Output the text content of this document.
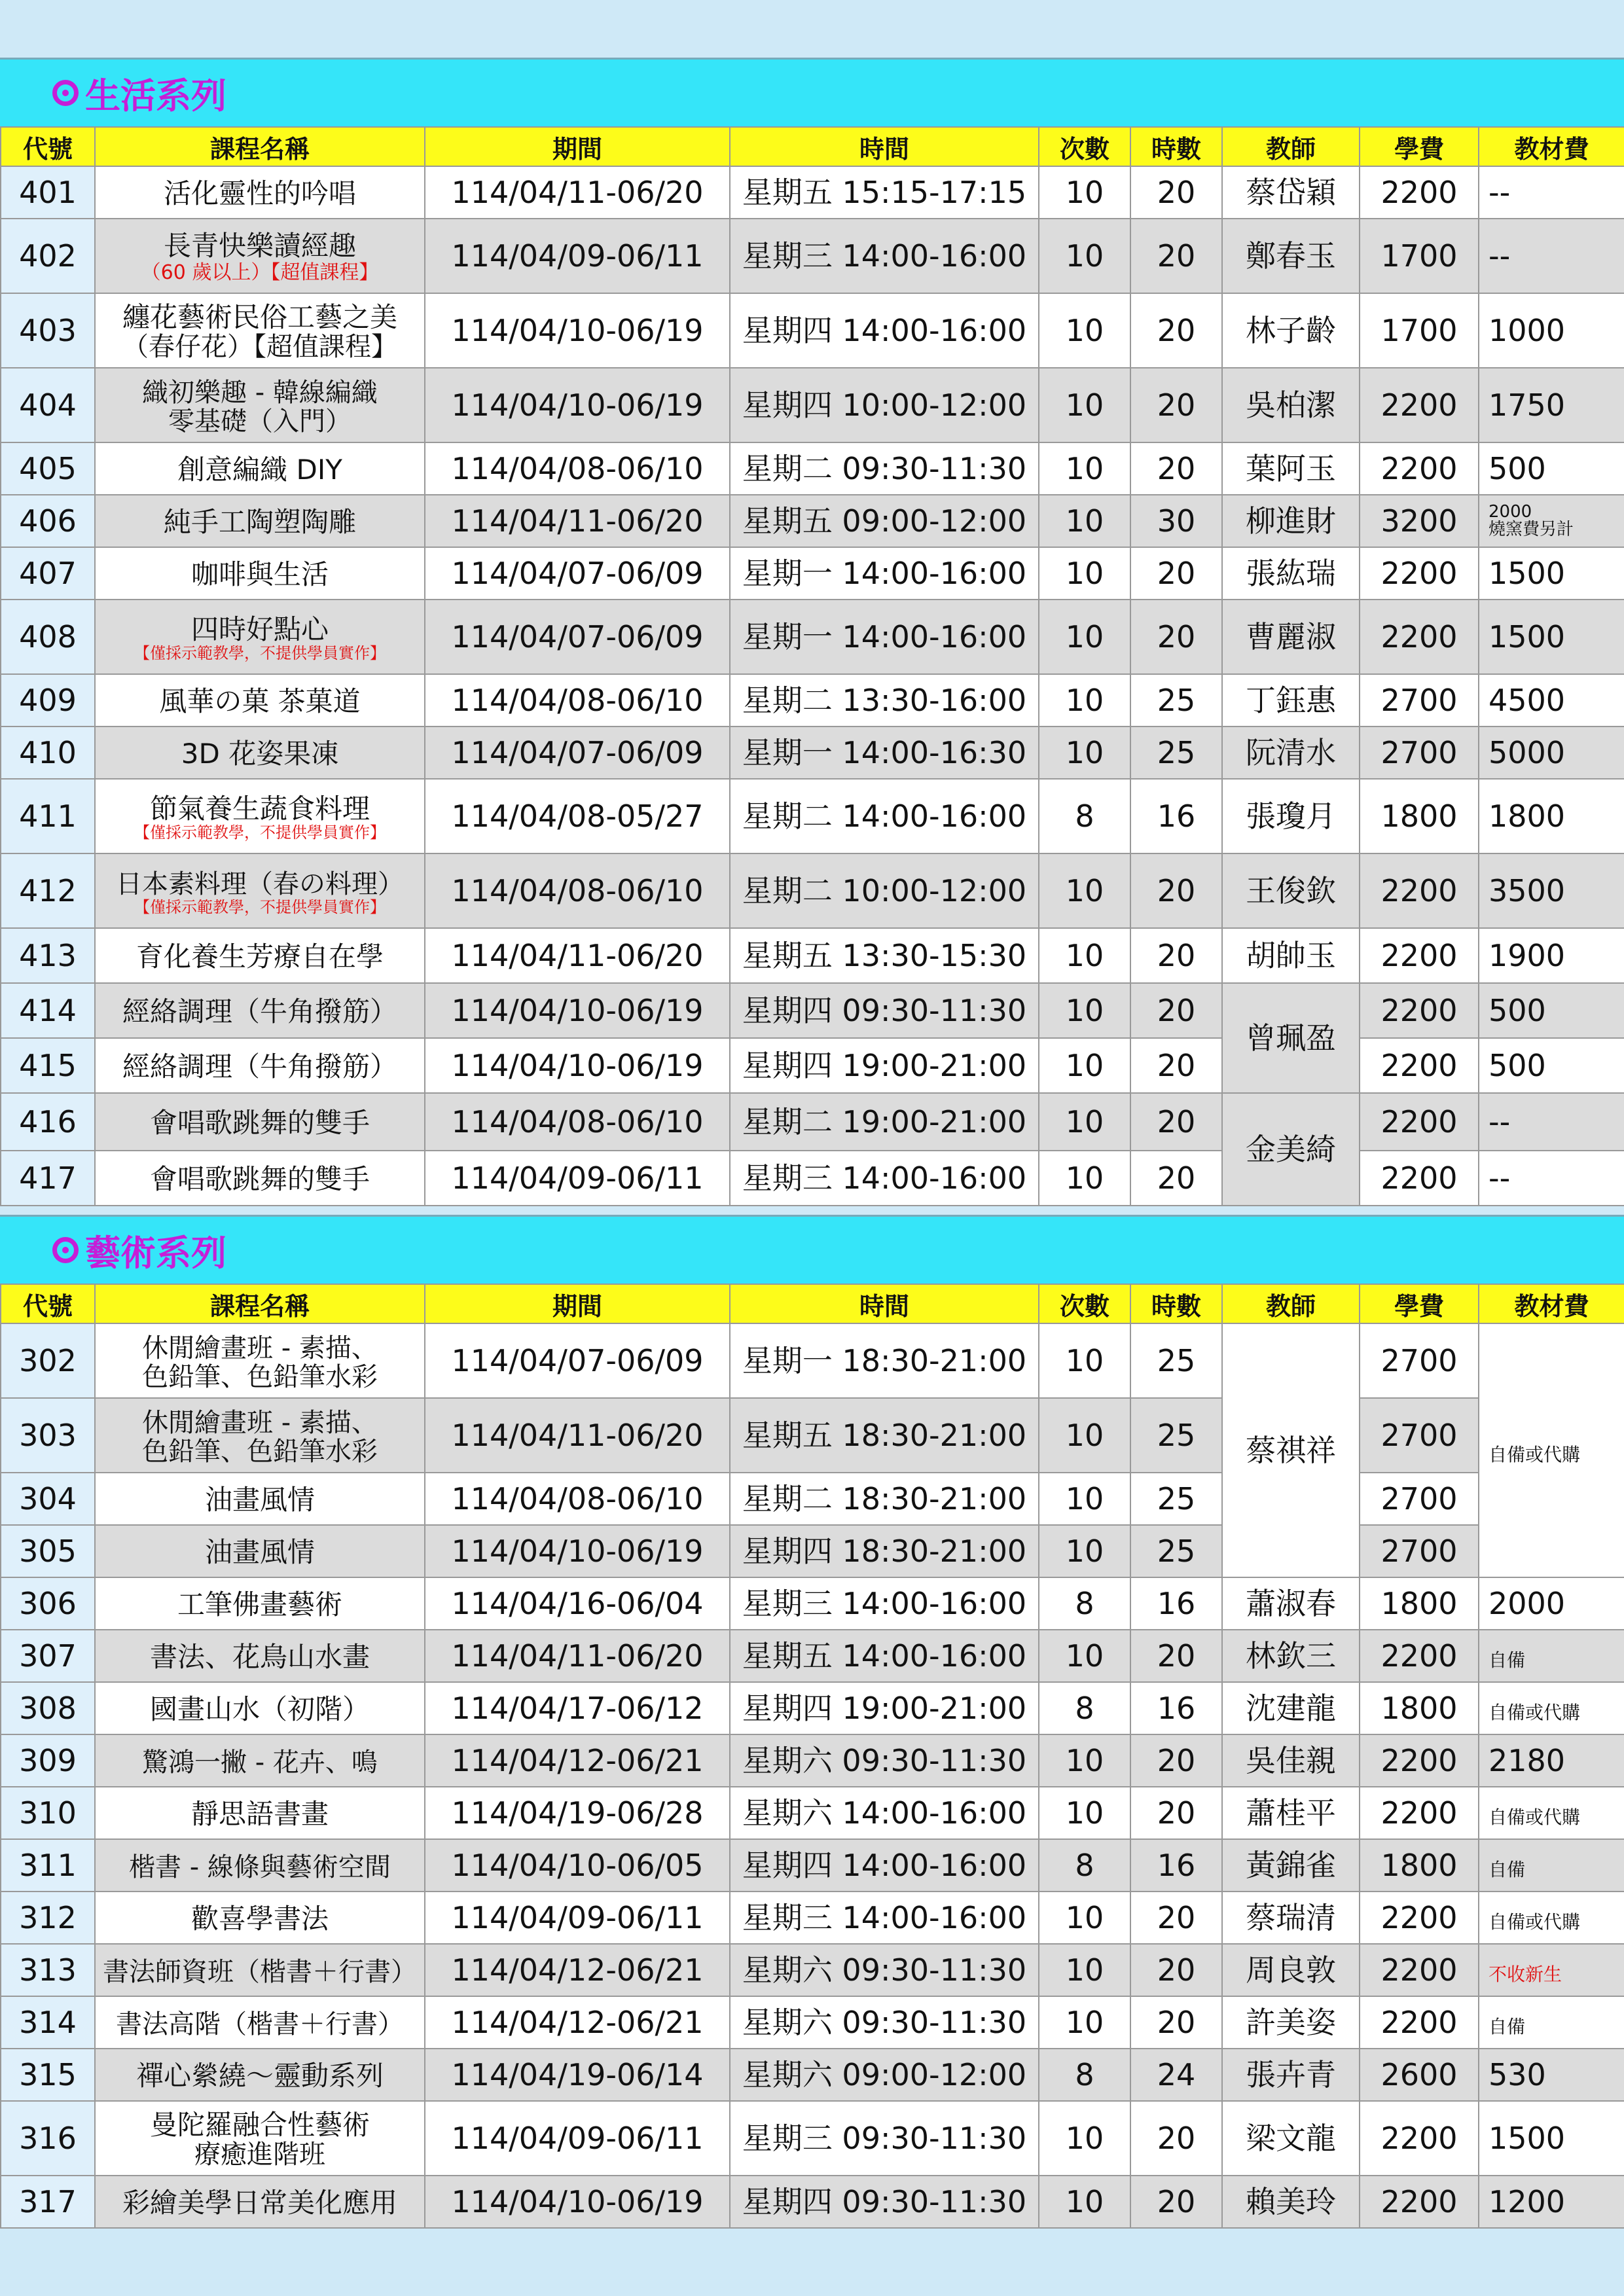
生活系列
代號	課程名稱	期間	時間	次數	時數	教師	學費	教材費
401	活化靈性的吟唱	114/04/11-06/20	星期五 15:15-17:15	10	20	蔡岱穎	2200	--
402	長青快樂讀經趣
（60 歲以上）【超值課程】	114/04/09-06/11	星期三 14:00-16:00	10	20	鄭春玉	1700	--
403	纏花藝術民俗工藝之美
（春仔花）【超值課程】	114/04/10-06/19	星期四 14:00-16:00	10	20	林子齡	1700	1000
404	織初樂趣 - 韓線編織
零基礎（入門）	114/04/10-06/19	星期四 10:00-12:00	10	20	吳柏潔	2200	1750
405	創意編織 DIY	114/04/08-06/10	星期二 09:30-11:30	10	20	葉阿玉	2200	500
406	純手工陶塑陶雕	114/04/11-06/20	星期五 09:00-12:00	10	30	柳進財	3200	2000
燒窯費另計

407	咖啡與生活	114/04/07-06/09	星期一 14:00-16:00	10	20	張紘瑞	2200	1500
408	四時好點心
【僅採示範教學，不提供學員實作】	114/04/07-06/09	星期一 14:00-16:00	10	20	曹麗淑	2200	1500
409	風華の菓 茶菓道	114/04/08-06/10	星期二 13:30-16:00	10	25	丁鈺惠	2700	4500
410	3D 花姿果凍	114/04/07-06/09	星期一 14:00-16:30	10	25	阮清水	2700	5000
411	節氣養生蔬食料理
【僅採示範教學，不提供學員實作】	114/04/08-05/27	星期二 14:00-16:00	8	16	張瓊月	1800	1800
412	日本素料理（春の料理）
【僅採示範教學，不提供學員實作】	114/04/08-06/10	星期二 10:00-12:00	10	20	王俊欽	2200	3500
413	育化養生芳療自在學	114/04/11-06/20	星期五 13:30-15:30	10	20	胡帥玉	2200	1900
414	經絡調理（牛角撥筋）	114/04/10-06/19	星期四 09:30-11:30	10	20	曾珮盈	2200	500
415	經絡調理（牛角撥筋）	114/04/10-06/19	星期四 19:00-21:00	10	20		2200	500
416	會唱歌跳舞的雙手	114/04/08-06/10	星期二 19:00-21:00	10	20	金美綺	2200	--
417	會唱歌跳舞的雙手	114/04/09-06/11	星期三 14:00-16:00	10	20		2200	--
藝術系列
代號	課程名稱	期間	時間	次數	時數	教師	學費	教材費
302	休閒繪畫班 - 素描、
色鉛筆、色鉛筆水彩	114/04/07-06/09	星期一 18:30-21:00	10	25	蔡祺祥	2700	自備或代購
303	休閒繪畫班 - 素描、
色鉛筆、色鉛筆水彩	114/04/11-06/20	星期五 18:30-21:00	10	25		2700	
304	油畫風情	114/04/08-06/10	星期二 18:30-21:00	10	25		2700	
305	油畫風情	114/04/10-06/19	星期四 18:30-21:00	10	25		2700	
306	工筆佛畫藝術	114/04/16-06/04	星期三 14:00-16:00	8	16	蕭淑春	1800	2000
307	書法、花鳥山水畫	114/04/11-06/20	星期五 14:00-16:00	10	20	林欽三	2200	自備
308	國畫山水（初階）	114/04/17-06/12	星期四 19:00-21:00	8	16	沈建龍	1800	自備或代購
309	驚鴻一撇 - 花卉、鳴	114/04/12-06/21	星期六 09:30-11:30	10	20	吳佳親	2200	2180
310	靜思語書畫	114/04/19-06/28	星期六 14:00-16:00	10	20	蕭桂平	2200	自備或代購
311	楷書 - 線條與藝術空間	114/04/10-06/05	星期四 14:00-16:00	8	16	黃錦雀	1800	自備
312	歡喜學書法	114/04/09-06/11	星期三 14:00-16:00	10	20	蔡瑞清	2200	自備或代購
313	書法師資班（楷書＋行書）	114/04/12-06/21	星期六 09:30-11:30	10	20	周良敦	2200	不收新生
314	書法高階（楷書＋行書）	114/04/12-06/21	星期六 09:30-11:30	10	20	許美姿	2200	自備
315	禪心縈繞～靈動系列	114/04/19-06/14	星期六 09:00-12:00	8	24	張卉青	2600	530
316	曼陀羅融合性藝術
療癒進階班	114/04/09-06/11	星期三 09:30-11:30	10	20	梁文龍	2200	1500
317	彩繪美學日常美化應用	114/04/10-06/19	星期四 09:30-11:30	10	20	賴美玲	2200	1200
